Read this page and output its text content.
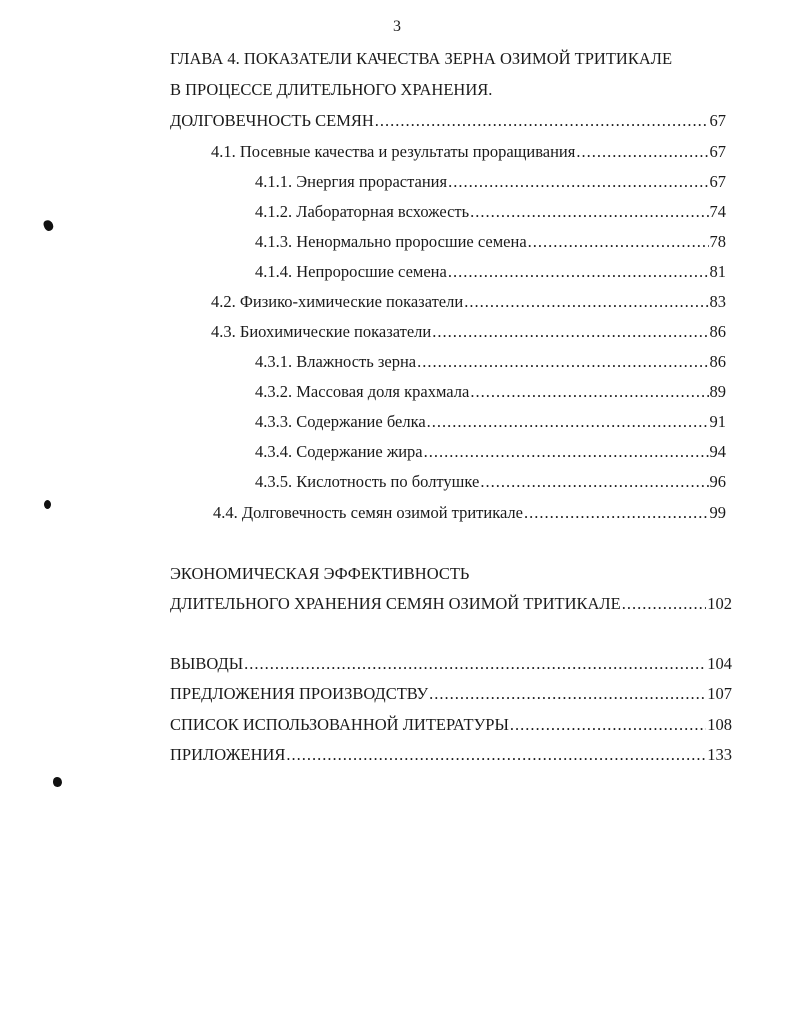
3
ГЛАВА 4. ПОКАЗАТЕЛИ КАЧЕСТВА ЗЕРНА ОЗИМОЙ ТРИТИКАЛЕ
В ПРОЦЕССЕ ДЛИТЕЛЬНОГО ХРАНЕНИЯ.
ДОЛГОВЕЧНОСТЬ СЕМЯН .....	67
4.1. Посевные качества и результаты проращивания .....	67
4.1.1. Энергия прорастания .....	67
4.1.2. Лабораторная всхожесть .....	74
4.1.3. Ненормально проросшие семена .....	78
4.1.4. Непроросшие семена .....	81
4.2. Физико-химические показатели .....	83
4.3. Биохимические показатели .....	86
4.3.1. Влажность зерна .....	86
4.3.2. Массовая доля крахмала .....	89
4.3.3. Содержание белка .....	91
4.3.4. Содержание жира .....	94
4.3.5. Кислотность по болтушке .....	96
4.4. Долговечность семян озимой тритикале .....	99
ЭКОНОМИЧЕСКАЯ ЭФФЕКТИВНОСТЬ
ДЛИТЕЛЬНОГО ХРАНЕНИЯ СЕМЯН ОЗИМОЙ ТРИТИКАЛЕ .....	102
ВЫВОДЫ .....	104
ПРЕДЛОЖЕНИЯ ПРОИЗВОДСТВУ .....	107
СПИСОК ИСПОЛЬЗОВАННОЙ ЛИТЕРАТУРЫ .....	108
ПРИЛОЖЕНИЯ .....	133
